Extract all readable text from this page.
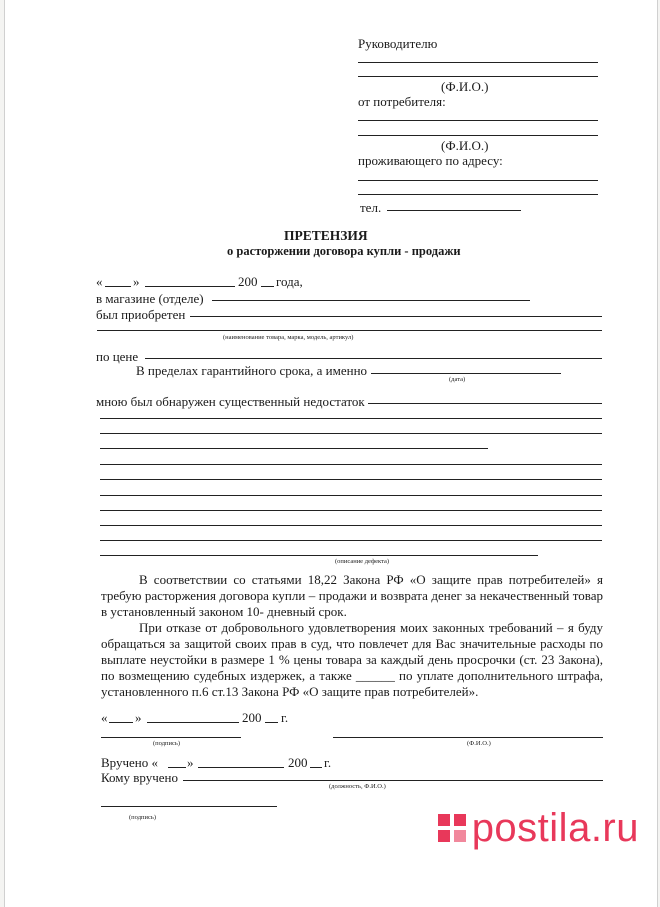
Руководителю
(Ф.И.О.)
от потребителя:
(Ф.И.О.)
проживающего по адресу:
тел.
ПРЕТЕНЗИЯ
о расторжении договора купли - продажи
« »	200 года,
в магазине (отделе)
был приобретен
(наименование товара, марка, модель, артикул)
по цене
В пределах гарантийного срока, а именно
(дата)
мною был обнаружен существенный недостаток
(описание дефекта)
В соответствии со статьями 18,22 Закона РФ «О защите прав потребителей» я
требую расторжения договора купли – продажи и возврата денег за некачественный товар
в установленный законом 10- дневный срок.
При отказе от добровольного удовлетворения моих законных требований – я буду
обращаться за защитой своих прав в суд, что повлечет для Вас значительные расходы по
выплате неустойки в размере 1 % цены товара за каждый день просрочки (ст. 23 Закона),
по возмещению судебных издержек, а также ______ по уплате дополнительного штрафа,
установленного п.6 ст.13 Закона РФ «О защите прав потребителей».
« »	200 г.
(подпись)	(Ф.И.О.)
Вручено « »	200 г.
Кому вручено
(должность, Ф.И.О.)
(подпись)	postila.ru
